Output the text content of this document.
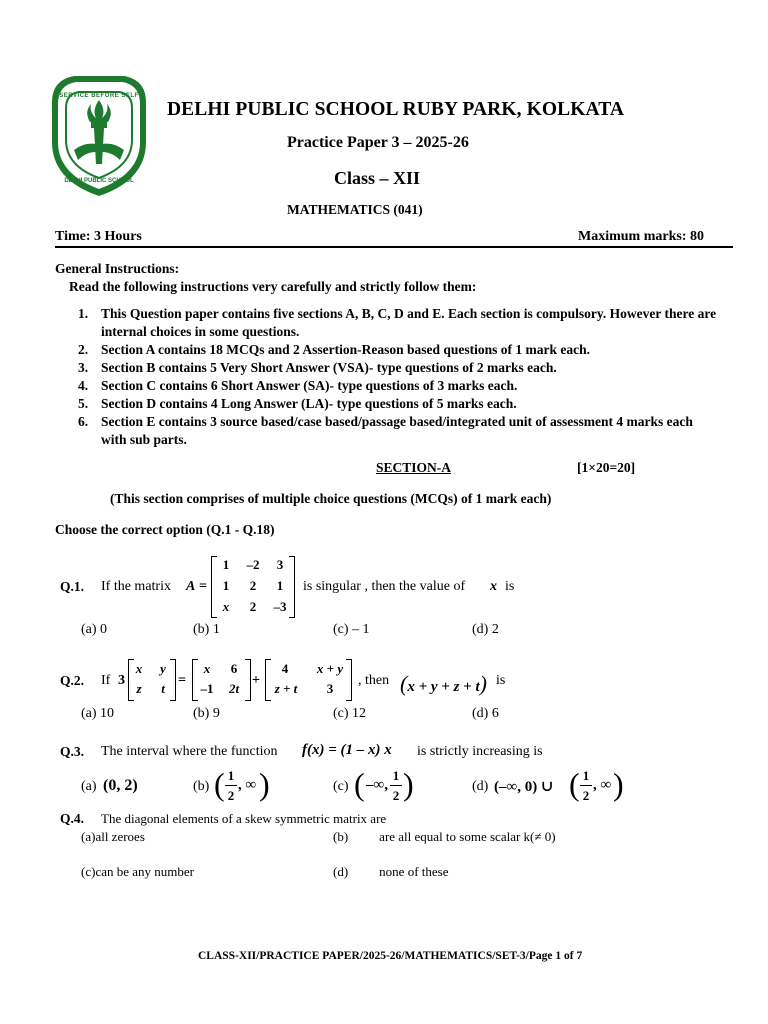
SERVICE BEFORE SELF
DELHI PUBLIC SCHOOL
DELHI PUBLIC SCHOOL RUBY PARK, KOLKATA
Practice Paper 3 – 2025-26
Class – XII
MATHEMATICS (041)
Time: 3 Hours	Maximum marks: 80
General Instructions:
Read the following instructions very carefully and strictly follow them:
1. This Question paper contains five sections A, B, C, D and E. Each section is compulsory. However there are internal choices in some questions.
2. Section A contains 18 MCQs and 2 Assertion-Reason based questions of 1 mark each.
3. Section B contains 5 Very Short Answer (VSA)- type questions of 2 marks each.
4. Section C contains 6 Short Answer (SA)- type questions of 3 marks each.
5. Section D contains 4 Long Answer (LA)- type questions of 5 marks each.
6. Section E contains 3 source based/case based/passage based/integrated unit of assessment 4 marks each with sub parts.
SECTION-A	[1×20=20]
(This section comprises of multiple choice questions (MCQs) of 1 mark each)
Choose the correct option (Q.1 - Q.18)
Q.1. If the matrix A =
1	–2	3
1	2	1
x	2	–3
is singular , then the value of x is
(a) 0	(b) 1	(c) – 1	(d) 2
Q.2. If 3
x	y
z	t
=
x	6
–1	2t
+
4	x + y
z + t	3
, then (x + y + z + t) is
(a) 10	(b) 9	(c) 12	(d) 6
Q.3. The interval where the function f(x) = (1 – x) x is strictly increasing is
(a) (0, 2)	(b) ( 1
2
, ∞ )	(c) ( –∞,
1
2 )	(d) (–∞, 0) ∪ ( 1
2
, ∞ )
Q.4. The diagonal elements of a skew symmetric matrix are
(a)all zeroes	(b) are all equal to some scalar k(≠ 0)
(c)can be any number	(d) none of these
CLASS-XII/PRACTICE PAPER/2025-26/MATHEMATICS/SET-3/Page 1 of 7
